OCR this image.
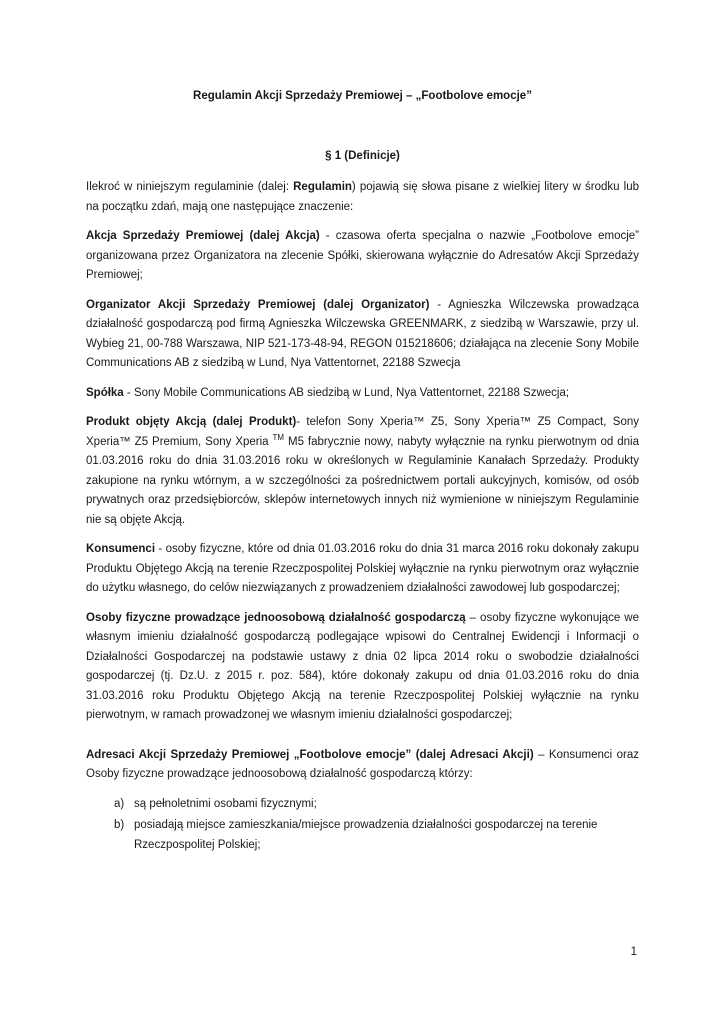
Regulamin Akcji Sprzedaży Premiowej – „Footbolove emocje”
§ 1 (Definicje)

Ilekroć w niniejszym regulaminie (dalej: Regulamin) pojawią się słowa pisane z wielkiej litery w środku lub na początku zdań, mają one następujące znaczenie:

Akcja Sprzedaży Premiowej (dalej Akcja) - czasowa oferta specjalna o nazwie „Footbolove emocje” organizowana przez Organizatora na zlecenie Spółki, skierowana wyłącznie do Adresatów Akcji Sprzedaży Premiowej;

Organizator Akcji Sprzedaży Premiowej (dalej Organizator) - Agnieszka Wilczewska prowadząca działalność gospodarczą pod firmą Agnieszka Wilczewska GREENMARK, z siedzibą w Warszawie, przy ul. Wybieg 21, 00-788 Warszawa, NIP 521-173-48-94, REGON 015218606; działająca na zlecenie Sony Mobile Communications AB z siedzibą w Lund, Nya Vattentornet, 22188 Szwecja

Spółka - Sony Mobile Communications AB siedzibą w Lund, Nya Vattentornet, 22188 Szwecja;

Produkt objęty Akcją (dalej Produkt)- telefon Sony Xperia™ Z5, Sony Xperia™ Z5 Compact, Sony Xperia™ Z5 Premium, Sony Xperia ™ M5 fabrycznie nowy, nabyty wyłącznie na rynku pierwotnym od dnia 01.03.2016 roku do dnia 31.03.2016 roku w określonych w Regulaminie Kanałach Sprzedaży. Produkty zakupione na rynku wtórnym, a w szczególności za pośrednictwem portali aukcyjnych, komisów, od osób prywatnych oraz przedsiębiorców, sklepów internetowych innych niż wymienione w niniejszym Regulaminie nie są objęte Akcją.

Konsumenci - osoby fizyczne, które od dnia 01.03.2016 roku do dnia 31 marca 2016 roku dokonały zakupu Produktu Objętego Akcją na terenie Rzeczpospolitej Polskiej wyłącznie na rynku pierwotnym oraz wyłącznie do użytku własnego, do celów niezwiązanych z prowadzeniem działalności zawodowej lub gospodarczej;

Osoby fizyczne prowadzące jednoosobową działalność gospodarczą – osoby fizyczne wykonujące we własnym imieniu działalność gospodarczą podlegające wpisowi do Centralnej Ewidencji i Informacji o Działalności Gospodarczej na podstawie ustawy z dnia 02 lipca 2014 roku o swobodzie działalności gospodarczej (tj. Dz.U. z 2015 r. poz. 584), które dokonały zakupu od dnia 01.03.2016 roku do dnia 31.03.2016 roku Produktu Objętego Akcją na terenie Rzeczpospolitej Polskiej wyłącznie na rynku pierwotnym, w ramach prowadzonej we własnym imieniu działalności gospodarczej;

Adresaci Akcji Sprzedaży Premiowej „Footbolove emocje” (dalej Adresaci Akcji) – Konsumenci oraz Osoby fizyczne prowadzące jednoosobową działalność gospodarczą którzy:

a) są pełnoletnimi osobami fizycznymi;
b) posiadają miejsce zamieszkania/miejsce prowadzenia działalności gospodarczej na terenie Rzeczpospolitej Polskiej;
1
